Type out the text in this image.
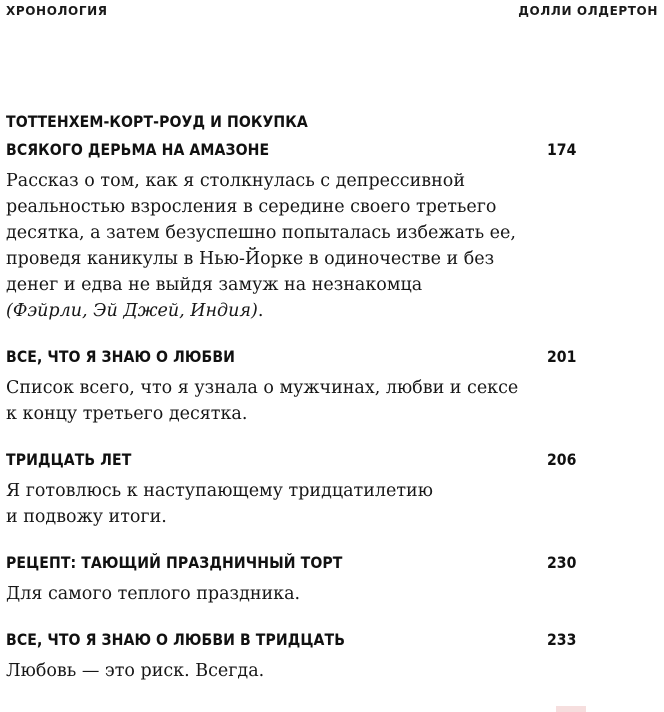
ХРОНОЛОГИЯ	ДОЛЛИ ОЛДЕРТОН
ТОТТЕНХЕМ-КОРТ-РОУД И ПОКУПКА
ВСЯКОГО ДЕРЬМА НА АМАЗОНЕ	174
Рассказ о том, как я столкнулась с депрессивной
реальностью взросления в середине своего третьего
десятка, а затем безуспешно попыталась избежать ее,
проведя каникулы в Нью-Йорке в одиночестве и без
денег и едва не выйдя замуж на незнакомца
(Фэйрли, Эй Джей, Индия).
ВСЕ, ЧТО Я ЗНАЮ О ЛЮБВИ	201
Список всего, что я узнала о мужчинах, любви и сексе
к концу третьего десятка.
ТРИДЦАТЬ ЛЕТ	206
Я готовлюсь к наступающему тридцатилетию
и подвожу итоги.
РЕЦЕПТ: ТАЮЩИЙ ПРАЗДНИЧНЫЙ ТОРТ	230
Для самого теплого праздника.
ВСЕ, ЧТО Я ЗНАЮ О ЛЮБВИ В ТРИДЦАТЬ	233
Любовь — это риск. Всегда.
